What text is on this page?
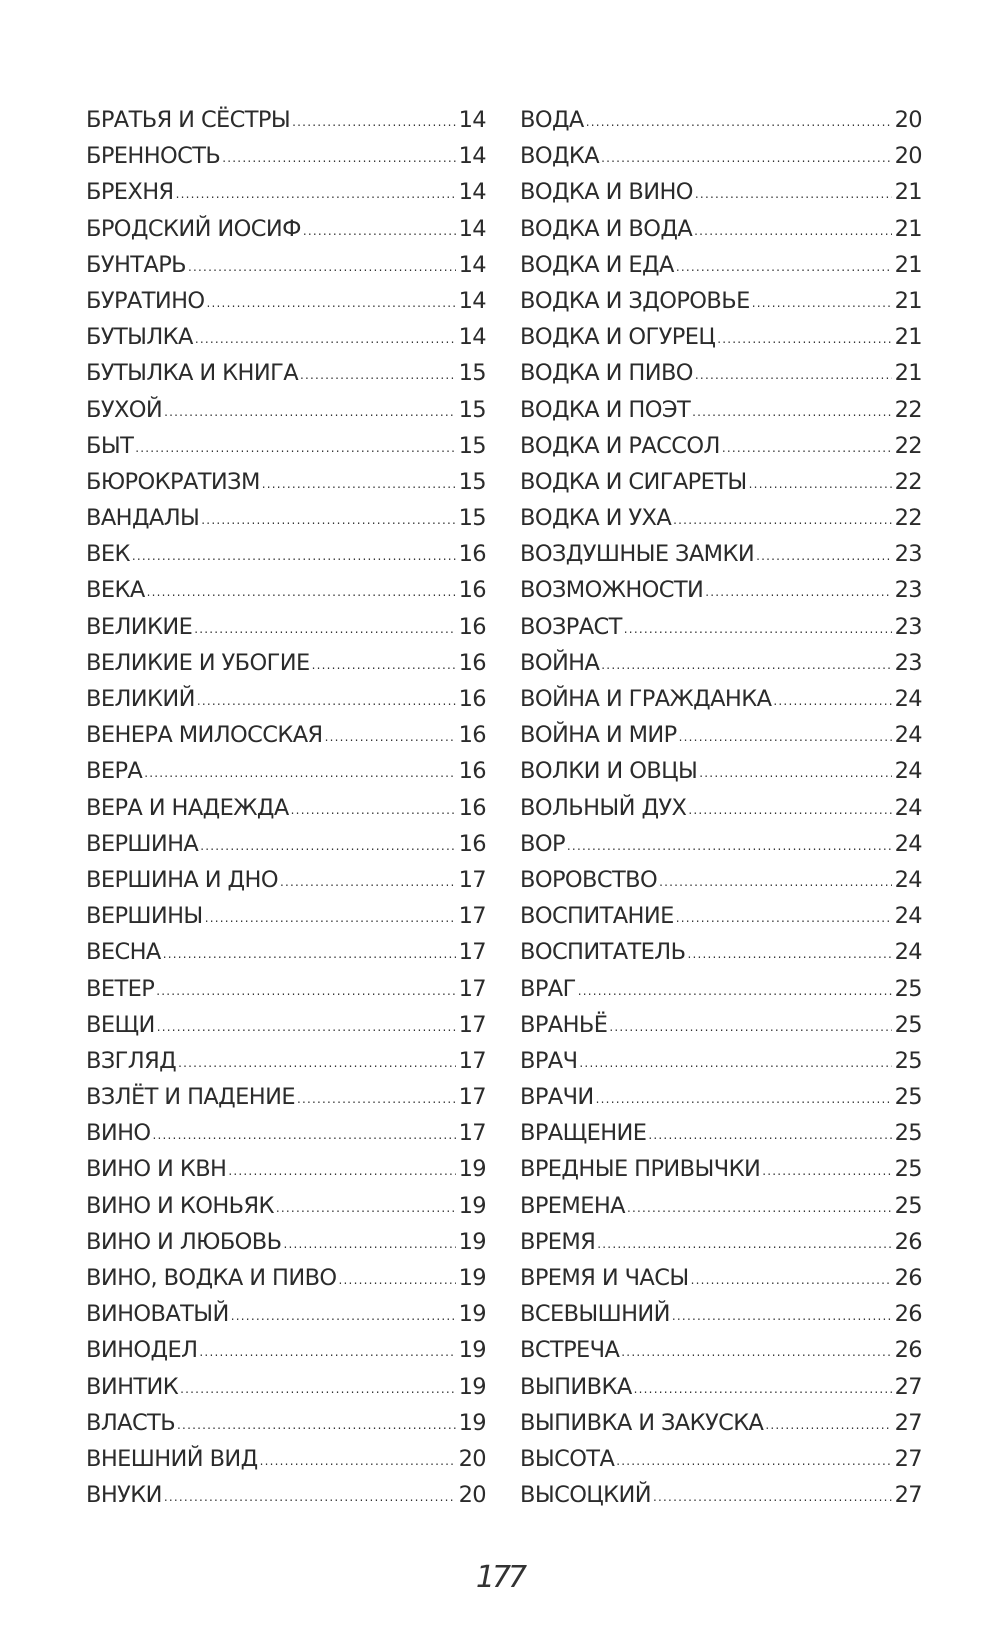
БРАТЬЯ И СЁСТРЫ .....	14
БРЕННОСТЬ .....	14
БРЕХНЯ .....	14
БРОДСКИЙ ИОСИФ .....	14
БУНТАРЬ .....	14
БУРАТИНО .....	14
БУТЫЛКА .....	14
БУТЫЛКА И КНИГА .....	15
БУХОЙ .....	15
БЫТ .....	15
БЮРОКРАТИЗМ .....	15
ВАНДАЛЫ .....	15
ВЕК .....	16
ВЕКА .....	16
ВЕЛИКИЕ .....	16
ВЕЛИКИЕ И УБОГИЕ .....	16
ВЕЛИКИЙ .....	16
ВЕНЕРА МИЛОССКАЯ .....	16
ВЕРА .....	16
ВЕРА И НАДЕЖДА .....	16
ВЕРШИНА .....	16
ВЕРШИНА И ДНО .....	17
ВЕРШИНЫ .....	17
ВЕСНА .....	17
ВЕТЕР .....	17
ВЕЩИ .....	17
ВЗГЛЯД .....	17
ВЗЛЁТ И ПАДЕНИЕ .....	17
ВИНО .....	17
ВИНО И КВН .....	19
ВИНО И КОНЬЯК .....	19
ВИНО И ЛЮБОВЬ .....	19
ВИНО, ВОДКА И ПИВО .....	19
ВИНОВАТЫЙ .....	19
ВИНОДЕЛ .....	19
ВИНТИК .....	19
ВЛАСТЬ .....	19
ВНЕШНИЙ ВИД .....	20
ВНУКИ .....	20
ВОДА .....	20
ВОДКА .....	20
ВОДКА И ВИНО .....	21
ВОДКА И ВОДА .....	21
ВОДКА И ЕДА .....	21
ВОДКА И ЗДОРОВЬЕ .....	21
ВОДКА И ОГУРЕЦ .....	21
ВОДКА И ПИВО .....	21
ВОДКА И ПОЭТ .....	22
ВОДКА И РАССОЛ .....	22
ВОДКА И СИГАРЕТЫ .....	22
ВОДКА И УХА .....	22
ВОЗДУШНЫЕ ЗАМКИ .....	23
ВОЗМОЖНОСТИ .....	23
ВОЗРАСТ .....	23
ВОЙНА .....	23
ВОЙНА И ГРАЖДАНКА .....	24
ВОЙНА И МИР .....	24
ВОЛКИ И ОВЦЫ .....	24
ВОЛЬНЫЙ ДУХ .....	24
ВОР .....	24
ВОРОВСТВО .....	24
ВОСПИТАНИЕ .....	24
ВОСПИТАТЕЛЬ .....	24
ВРАГ .....	25
ВРАНЬЁ .....	25
ВРАЧ .....	25
ВРАЧИ .....	25
ВРАЩЕНИЕ .....	25
ВРЕДНЫЕ ПРИВЫЧКИ .....	25
ВРЕМЕНА .....	25
ВРЕМЯ .....	26
ВРЕМЯ И ЧАСЫ .....	26
ВСЕВЫШНИЙ .....	26
ВСТРЕЧА .....	26
ВЫПИВКА .....	27
ВЫПИВКА И ЗАКУСКА .....	27
ВЫСОТА .....	27
ВЫСОЦКИЙ .....	27
177
